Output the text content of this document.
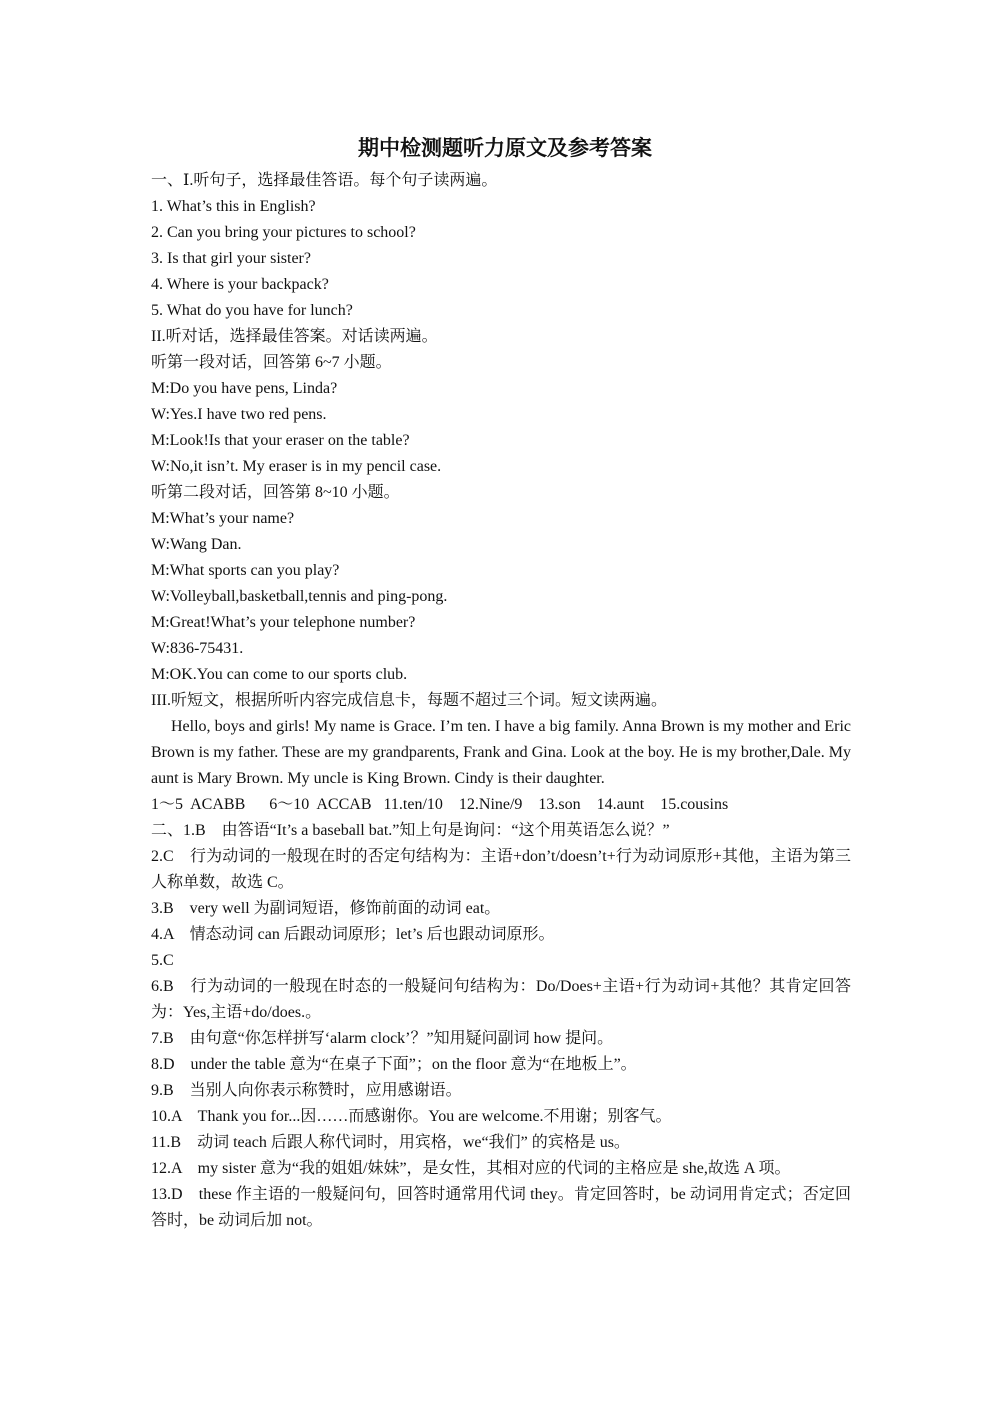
期中检测题听力原文及参考答案

一、Ⅰ.听句子，选择最佳答语。每个句子读两遍。

1. What’s this in English?

2. Can you bring your pictures to school?

3. Is that girl your sister?

4. Where is your backpack?

5. What do you have for lunch?

II.听对话，选择最佳答案。对话读两遍。

听第一段对话，回答第 6~7 小题。

M:Do you have pens, Linda?

W:Yes.I have two red pens.

M:Look!Is that your eraser on the table?

W:No,it isn’t. My eraser is in my pencil case.

听第二段对话，回答第 8~10 小题。

M:What’s your name?

W:Wang Dan.

M:What sports can you play?

W:Volleyball,basketball,tennis and ping-pong.

M:Great!What’s your telephone number?

W:836-75431.

M:OK.You can come to our sports club.

III.听短文，根据所听内容完成信息卡，每题不超过三个词。短文读两遍。

Hello, boys and girls! My name is Grace. I’m ten. I have a big family. Anna Brown is my mother and Eric Brown is my father. These are my grandparents, Frank and Gina. Look at the boy. He is my brother,Dale. My aunt is Mary Brown. My uncle is King Brown. Cindy is their daughter.

1～5  ACABB      6～10  ACCAB   11.ten/10    12.Nine/9    13.son    14.aunt    15.cousins

二、1.B　由答语“It’s a baseball bat.”知上句是询问：“这个用英语怎么说？”

2.C　行为动词的一般现在时的否定句结构为：主语+don’t/doesn’t+行为动词原形+其他，主语为第三人称单数，故选 C。

3.B　very well 为副词短语，修饰前面的动词 eat。

4.A　情态动词 can 后跟动词原形；let’s 后也跟动词原形。

5.C

6.B　行为动词的一般现在时态的一般疑问句结构为：Do/Does+主语+行为动词+其他？其肯定回答为：Yes,主语+do/does.。

7.B　由句意“你怎样拼写‘alarm clock’？”知用疑问副词 how 提问。

8.D　under the table 意为“在桌子下面”；on the floor 意为“在地板上”。

9.B　当别人向你表示称赞时，应用感谢语。

10.A　Thank you for...因……而感谢你。You are welcome.不用谢；别客气。

11.B　动词 teach 后跟人称代词时，用宾格，we“我们” 的宾格是 us。

12.A　my sister 意为“我的姐姐/妹妹”，是女性，其相对应的代词的主格应是 she,故选 A 项。

13.D　these 作主语的一般疑问句，回答时通常用代词 they。肯定回答时，be 动词用肯定式；否定回答时，be 动词后加 not。
